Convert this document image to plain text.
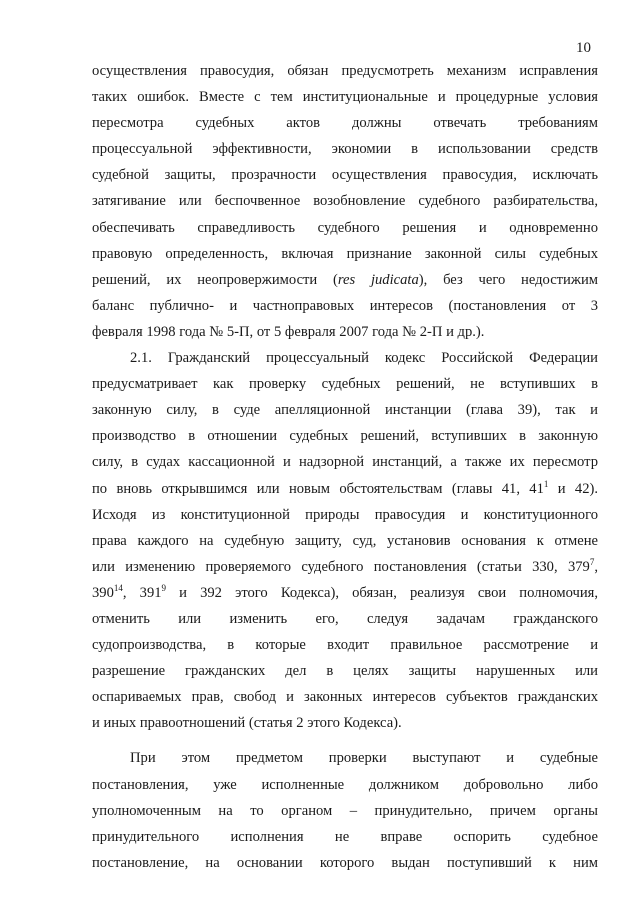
10
осуществления правосудия, обязан предусмотреть механизм исправления
таких ошибок. Вместе с тем институциональные и процедурные условия
пересмотра судебных актов должны отвечать требованиям
процессуальной эффективности, экономии в использовании средств
судебной защиты, прозрачности осуществления правосудия, исключать
затягивание или беспочвенное возобновление судебного разбирательства,
обеспечивать справедливость судебного решения и одновременно
правовую определенность, включая признание законной силы судебных
решений, их неопровержимости (res judicata), без чего недостижим
баланс публично- и частноправовых интересов (постановления от 3
февраля 1998 года № 5-П, от 5 февраля 2007 года № 2-П и др.).
2.1. Гражданский процессуальный кодекс Российской Федерации
предусматривает как проверку судебных решений, не вступивших в
законную силу, в суде апелляционной инстанции (глава 39), так и
производство в отношении судебных решений, вступивших в законную
силу, в судах кассационной и надзорной инстанций, а также их пересмотр
по вновь открывшимся или новым обстоятельствам (главы 41, $41^1$ и 42).
Исходя из конституционной природы правосудия и конституционного
права каждого на судебную защиту, суд, установив основания к отмене
или изменению проверяемого судебного постановления (статьи 330, $379^7$,
$390^{14}$, $391^9$ и 392 этого Кодекса), обязан, реализуя свои полномочия,
отменить или изменить его, следуя задачам гражданского
судопроизводства, в которые входит правильное рассмотрение и
разрешение гражданских дел в целях защиты нарушенных или
оспариваемых прав, свобод и законных интересов субъектов гражданских
и иных правоотношений (статья 2 этого Кодекса).
При этом предметом проверки выступают и судебные
постановления, уже исполненные должником добровольно либо
уполномоченным на то органом – принудительно, причем органы
принудительного исполнения не вправе оспорить судебное
постановление, на основании которого выдан поступивший к ним
